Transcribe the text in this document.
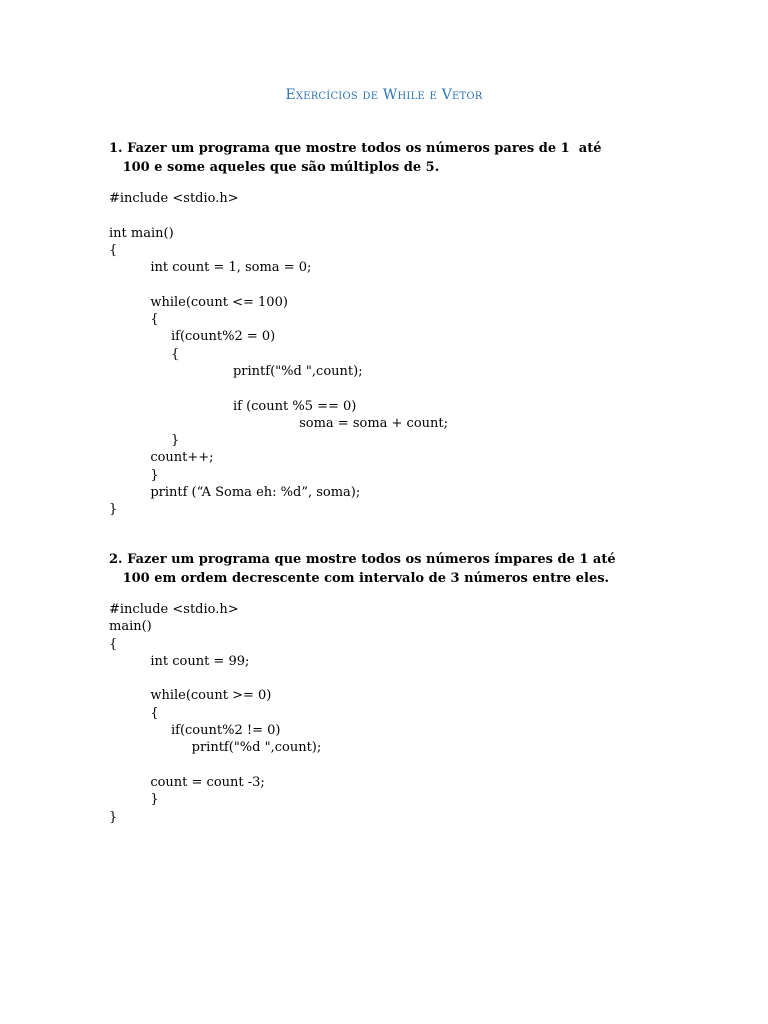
Exercícios de While e Vetor
1. Fazer um programa que mostre todos os números pares de 1  até
100 e some aqueles que são múltiplos de 5.
#include <stdio.h>

int main()
{
int count = 1, soma = 0;

while(count <= 100)
{
if(count%2 = 0)
{
printf("%d ",count);

if (count %5 == 0)
soma = soma + count;
}
count++;
}
printf (“A Soma eh: %d”, soma);
}
2. Fazer um programa que mostre todos os números ímpares de 1 até
100 em ordem decrescente com intervalo de 3 números entre eles.
#include <stdio.h>
main()
{
int count = 99;

while(count >= 0)
{
if(count%2 != 0)
printf("%d ",count);

count = count -3;
}
}
